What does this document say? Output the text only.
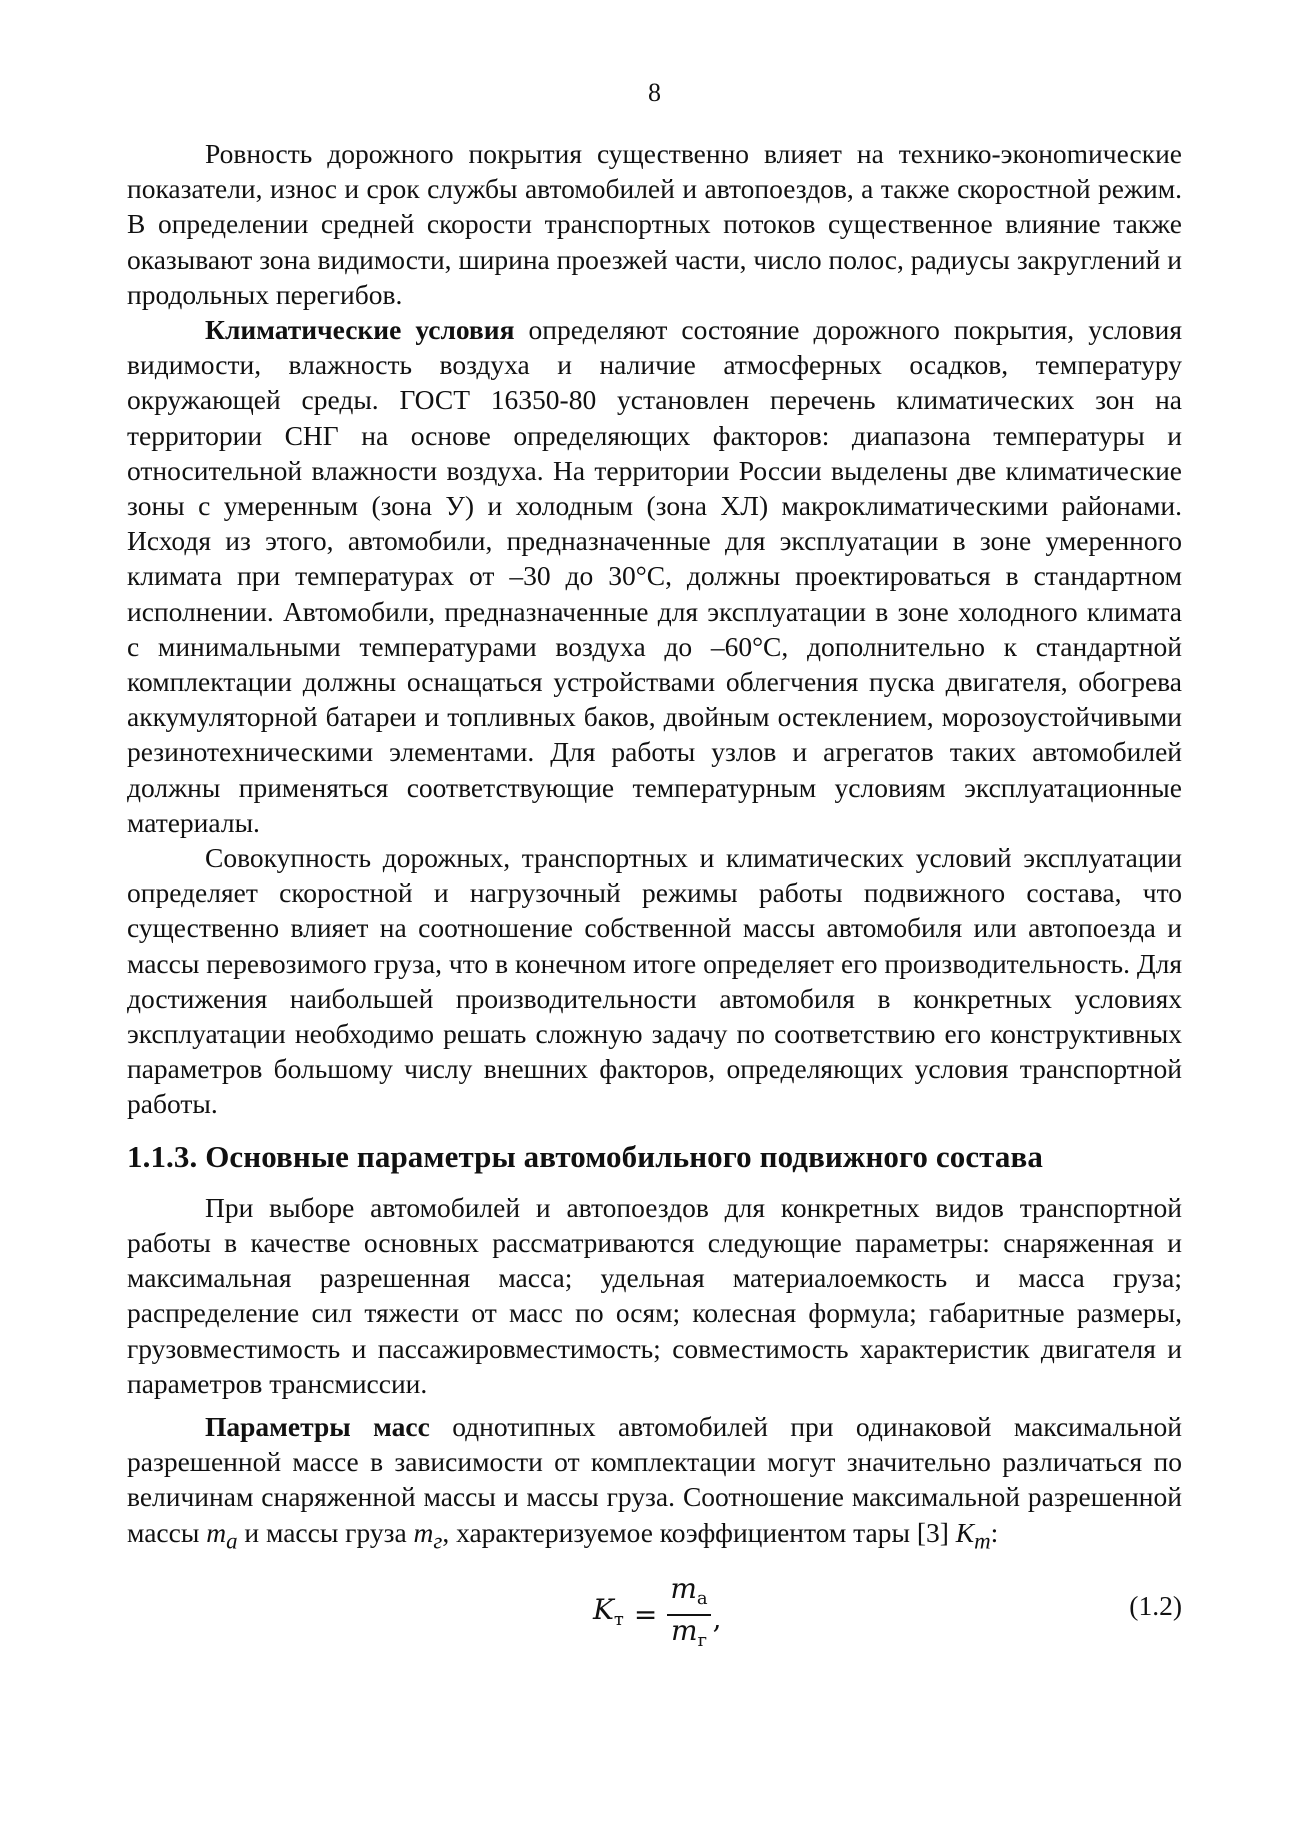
8

Ровность дорожного покрытия существенно влияет на технико-эконоmические показатели, износ и срок службы автомобилей и автопоездов, а также скоростной режим. В определении средней скорости транспортных потоков существенное влияние также оказывают зона видимости, ширина проезжей части, число полос, радиусы закруглений и продольных перегибов.

Климатические условия определяют состояние дорожного покрытия, условия видимости, влажность воздуха и наличие атмосферных осадков, температуру окружающей среды. ГОСТ 16350-80 установлен перечень климатических зон на территории СНГ на основе определяющих факторов: диапазона температуры и относительной влажности воздуха. На территории России выделены две климатические зоны с умеренным (зона У) и холодным (зона ХЛ) макроклиматическими районами. Исходя из этого, автомобили, предназначенные для эксплуатации в зоне умеренного климата при температурах от –30 до 30°С, должны проектироваться в стандартном исполнении. Автомобили, предназначенные для эксплуатации в зоне холодного климата с минимальными температурами воздуха до –60°С, дополнительно к стандартной комплектации должны оснащаться устройствами облегчения пуска двигателя, обогрева аккумуляторной батареи и топливных баков, двойным остеклением, морозоустойчивыми резинотехническими элементами. Для работы узлов и агрегатов таких автомобилей должны применяться соответствующие температурным условиям эксплуатационные материалы.

Совокупность дорожных, транспортных и климатических условий эксплуатации определяет скоростной и нагрузочный режимы работы подвижного состава, что существенно влияет на соотношение собственной массы автомобиля или автопоезда и массы перевозимого груза, что в конечном итоге определяет его производительность. Для достижения наибольшей производительности автомобиля в конкретных условиях эксплуатации необходимо решать сложную задачу по соответствию его конструктивных параметров большому числу внешних факторов, определяющих условия транспортной работы.

1.1.3. Основные параметры автомобильного подвижного состава

При выборе автомобилей и автопоездов для конкретных видов транспортной работы в качестве основных рассматриваются следующие параметры: снаряженная и максимальная разрешенная масса; удельная материалоемкость и масса груза; распределение сил тяжести от масс по осям; колесная формула; габаритные размеры, грузовместимость и пассажировместимость; совместимость характеристик двигателя и параметров трансмиссии.

Параметры масс однотипных автомобилей при одинаковой максимальной разрешенной массе в зависимости от комплектации могут значительно различаться по величинам снаряженной массы и массы груза. Соотношение максимальной разрешенной массы $m_a$ и массы груза $m_г$, характеризуемое коэффициентом тары [3] $K_т$:

$K_т = \frac{m_a}{m_г}$ ,	(1.2)
